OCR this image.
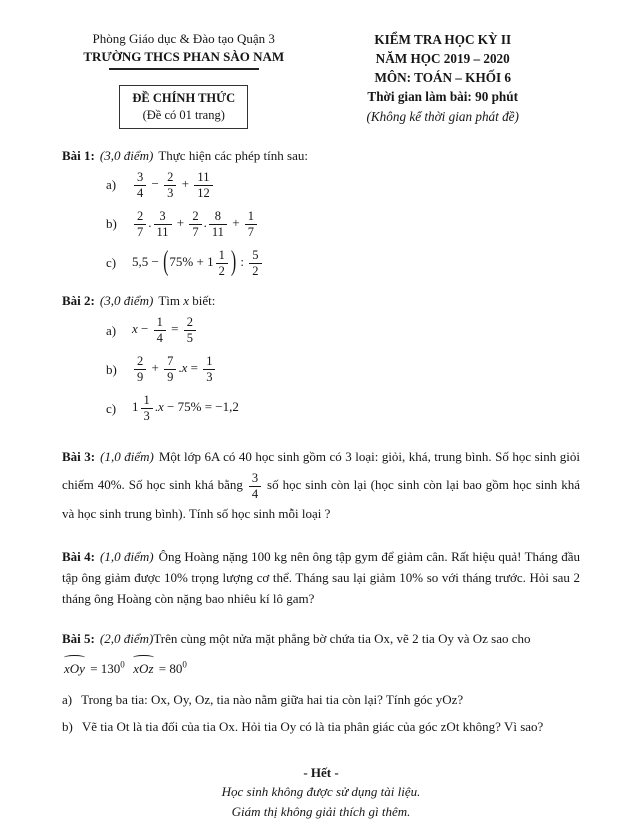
Phòng Giáo dục & Đào tạo Quận 3
TRƯỜNG THCS PHAN SÀO NAM
ĐỀ CHÍNH THỨC
(Đề có 01 trang)
KIỂM TRA HỌC KỲ II
NĂM HỌC 2019 – 2020
MÔN: TOÁN – KHỐI 6
Thời gian làm bài: 90 phút
(Không kể thời gian phát đề)

Bài 1: (3,0 điểm) Thực hiện các phép tính sau:

a)	$\frac{3}{4} - \frac{2}{3} + \frac{11}{12}$
b)	$\frac{2}{7}$ . $\frac{3}{11} + \frac{2}{7}$ . $\frac{8}{11} + \frac{1}{7}$
c)	$5,5 - (75\% + 1 \frac{1}{2}$ ) : $\frac{5}{2}$

Bài 2: (3,0 điểm) Tìm x biết:

a)	$x - \frac{1}{4} = \frac{2}{5}$
b)	$\frac{2}{9} + \frac{7}{9} .x = \frac{1}{3}$
c)	$1 \frac{1}{3} .x - 75\% = -1,2$

Bài 3: (1,0 điểm) Một lớp 6A có 40 học sinh gồm có 3 loại: giỏi, khá, trung bình. Số học sinh giỏi chiếm 40%. Số học sinh khá bằng $\frac{3}{4}$ số học sinh còn lại (học sinh còn lại bao gồm học sinh khá và học sinh trung bình). Tính số học sinh mỗi loại ?

Bài 4: (1,0 điểm) Ông Hoàng nặng 100 kg nên ông tập gym để giảm cân. Rất hiệu quả! Tháng đầu tập ông giảm được 10% trọng lượng cơ thể. Tháng sau lại giảm 10% so với tháng trước. Hỏi sau 2 tháng ông Hoàng còn nặng bao nhiêu kí lô gam?

Bài 5: (2,0 điểm)Trên cùng một nửa mặt phẳng bờ chứa tia Ox, vẽ 2 tia Oy và Oz sao cho

xOy = $130^0$ xOz = $80^0$

a) Trong ba tia: Ox, Oy, Oz, tia nào nằm giữa hai tia còn lại? Tính góc yOz?

b) Vẽ tia Ot là tia đối của tia Ox. Hỏi tia Oy có là tia phân giác của góc zOt không? Vì sao?

- Hết -
Học sinh không được sử dụng tài liệu.
Giám thị không giải thích gì thêm.
